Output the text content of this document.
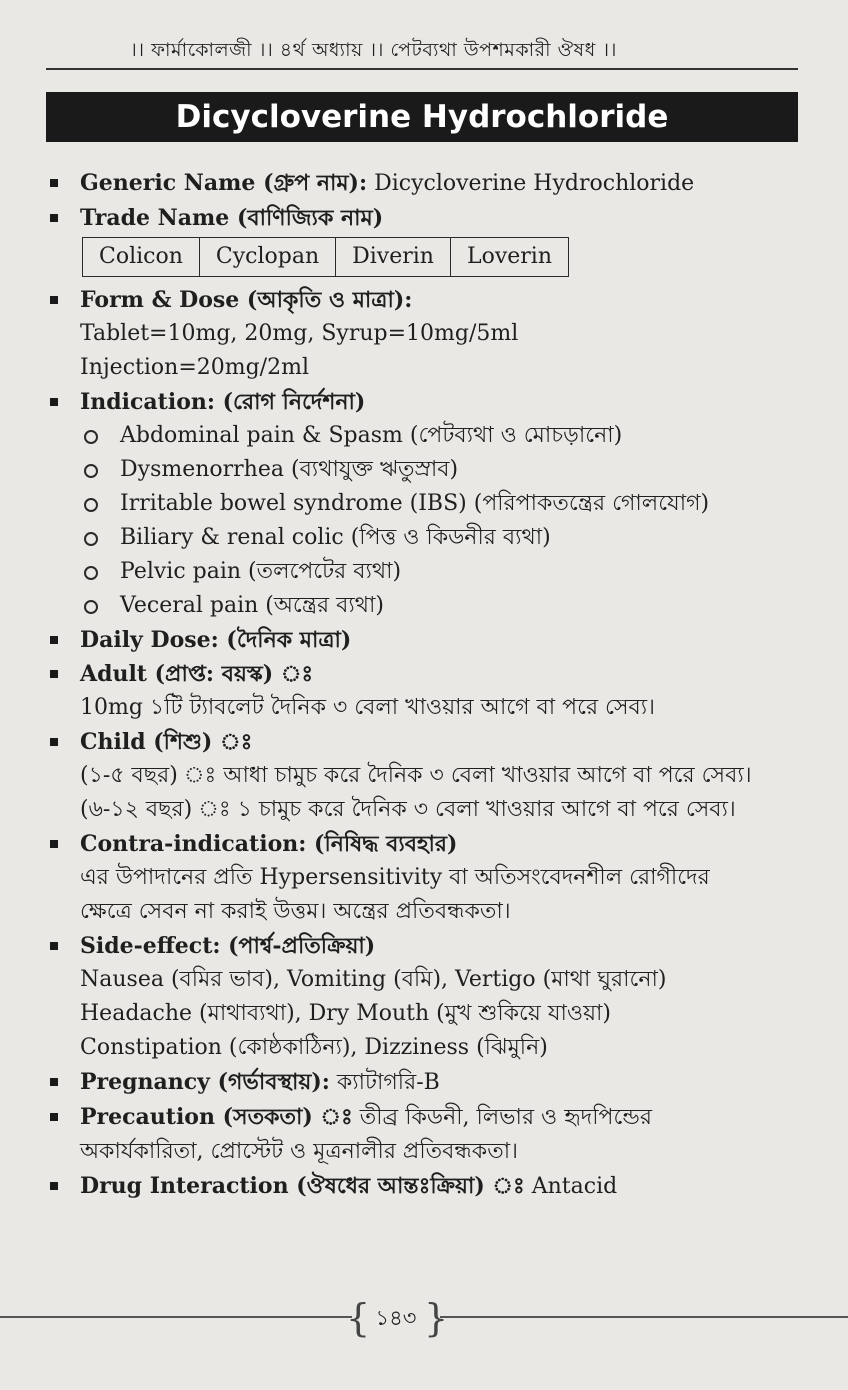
।। ফার্মাকোলজী ।। ৪র্থ অধ্যায় ।। পেটব্যথা উপশমকারী ঔষধ ।।
Dicycloverine Hydrochloride
Generic Name (গ্রুপ নাম): Dicycloverine Hydrochloride
Trade Name (বাণিজ্যিক নাম)
Colicon	Cyclopan	Diverin	Loverin
Form & Dose (আকৃতি ও মাত্রা):
Tablet=10mg, 20mg, Syrup=10mg/5ml
Injection=20mg/2ml
Indication: (রোগ নির্দেশনা)
Abdominal pain & Spasm (পেটব্যথা ও মোচড়ানো)
Dysmenorrhea (ব্যথাযুক্ত ঋতুস্রাব)
Irritable bowel syndrome (IBS) (পরিপাকতন্ত্রের গোলযোগ)
Biliary & renal colic (পিত্ত ও কিডনীর ব্যথা)
Pelvic pain (তলপেটের ব্যথা)
Veceral pain (অন্ত্রের ব্যথা)
Daily Dose: (দৈনিক মাত্রা)
Adult (প্রাপ্ত: বয়স্ক) ঃ
10mg ১টি ট্যাবলেট দৈনিক ৩ বেলা খাওয়ার আগে বা পরে সেব্য।
Child (শিশু) ঃ
(১-৫ বছর) ঃ আধা চামুচ করে দৈনিক ৩ বেলা খাওয়ার আগে বা পরে সেব্য।
(৬-১২ বছর) ঃ ১ চামুচ করে দৈনিক ৩ বেলা খাওয়ার আগে বা পরে সেব্য।
Contra-indication: (নিষিদ্ধ ব্যবহার)
এর উপাদানের প্রতি Hypersensitivity বা অতিসংবেদনশীল রোগীদের
ক্ষেত্রে সেবন না করাই উত্তম। অন্ত্রের প্রতিবন্ধকতা।
Side-effect: (পার্শ্ব-প্রতিক্রিয়া)
Nausea (বমির ভাব), Vomiting (বমি), Vertigo (মাথা ঘুরানো)
Headache (মাথাব্যথা), Dry Mouth (মুখ শুকিয়ে যাওয়া)
Constipation (কোষ্ঠকাঠিন্য), Dizziness (ঝিমুনি)
Pregnancy (গর্ভাবস্থায়): ক্যাটাগরি-B
Precaution (সতকতা) ঃ তীব্র কিডনী, লিভার ও হৃদপিন্ডের
অকার্যকারিতা, প্রোস্টেট ও মূত্রনালীর প্রতিবন্ধকতা।
Drug Interaction (ঔষধের আন্তঃক্রিয়া) ঃ Antacid
{ }
১৪৩
